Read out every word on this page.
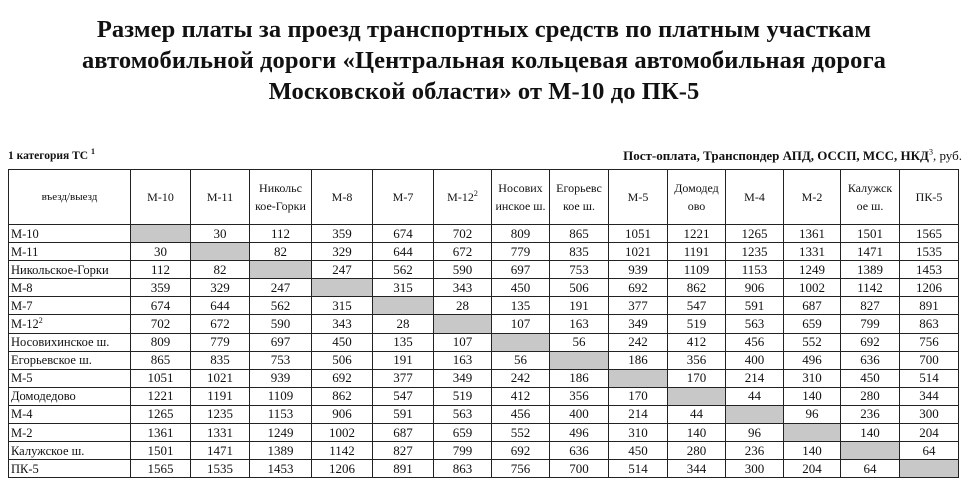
Размер платы за проезд транспортных средств по платным участкам
автомобильной дороги «Центральная кольцевая автомобильная дорога
Московской области» от М-10 до ПК-5
1 категория ТС $^1$	Пост-оплата, Транспондер АПД, ОССП, МСС, НКД$^3$, руб.
въезд/выезд	М-10	М-11	Никольс кое-Горки	М-8	М-7	$М-12^2$	Носових инское ш.	Егорьевс кое ш.	М-5	Домодед ово	М-4	М-2	Калужск ое ш.	ПК-5
М-10		30	112	359	674	702	809	865	1051	1221	1265	1361	1501	1565
М-11	30		82	329	644	672	779	835	1021	1191	1235	1331	1471	1535
Никольское-Горки	112	82		247	562	590	697	753	939	1109	1153	1249	1389	1453
М-8	359	329	247		315	343	450	506	692	862	906	1002	1142	1206
М-7	674	644	562	315		28	135	191	377	547	591	687	827	891
$М-12^2$	702	672	590	343	28		107	163	349	519	563	659	799	863
Носовихинское ш.	809	779	697	450	135	107		56	242	412	456	552	692	756
Егорьевское ш.	865	835	753	506	191	163	56		186	356	400	496	636	700
М-5	1051	1021	939	692	377	349	242	186		170	214	310	450	514
Домодедово	1221	1191	1109	862	547	519	412	356	170		44	140	280	344
М-4	1265	1235	1153	906	591	563	456	400	214	44		96	236	300
М-2	1361	1331	1249	1002	687	659	552	496	310	140	96		140	204
Калужское ш.	1501	1471	1389	1142	827	799	692	636	450	280	236	140		64
ПК-5	1565	1535	1453	1206	891	863	756	700	514	344	300	204	64	
